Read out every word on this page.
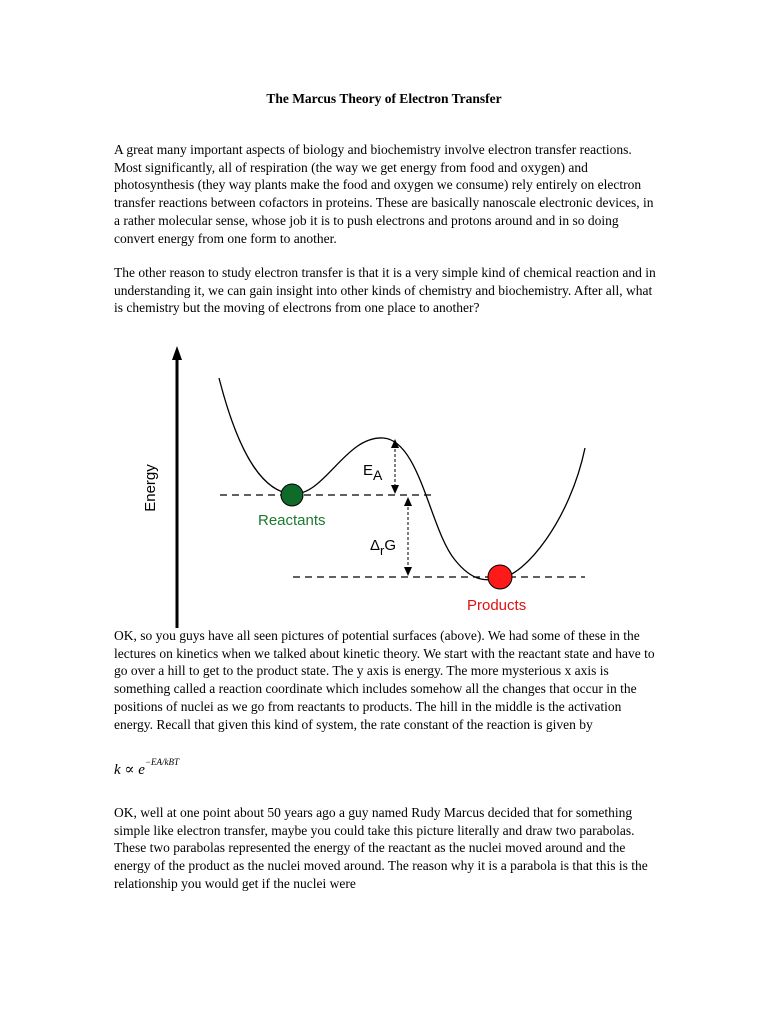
The Marcus Theory of Electron Transfer

A great many important aspects of biology and biochemistry involve electron transfer reactions. Most significantly, all of respiration (the way we get energy from food and oxygen) and photosynthesis (they way plants make the food and oxygen we consume) rely entirely on electron transfer reactions between cofactors in proteins. These are basically nanoscale electronic devices, in a rather molecular sense, whose job it is to push electrons and protons around and in so doing convert energy from one form to another.

The other reason to study electron transfer is that it is a very simple kind of chemical reaction and in understanding it, we can gain insight into other kinds of chemistry and biochemistry. After all, what is chemistry but the moving of electrons from one place to another?

Energy	EA
ΔrG
Reactants
Products

OK, so you guys have all seen pictures of potential surfaces (above). We had some of these in the lectures on kinetics when we talked about kinetic theory. We start with the reactant state and have to go over a hill to get to the product state. The y axis is energy. The more mysterious x axis is something called a reaction coordinate which includes somehow all the changes that occur in the positions of nuclei as we go from reactants to products. The hill in the middle is the activation energy. Recall that given this kind of system, the rate constant of the reaction is given by

$k \propto e^{-EA/kBT}$

OK, well at one point about 50 years ago a guy named Rudy Marcus decided that for something simple like electron transfer, maybe you could take this picture literally and draw two parabolas. These two parabolas represented the energy of the reactant as the nuclei moved around and the energy of the product as the nuclei moved around. The reason why it is a parabola is that this is the relationship you would get if the nuclei were
